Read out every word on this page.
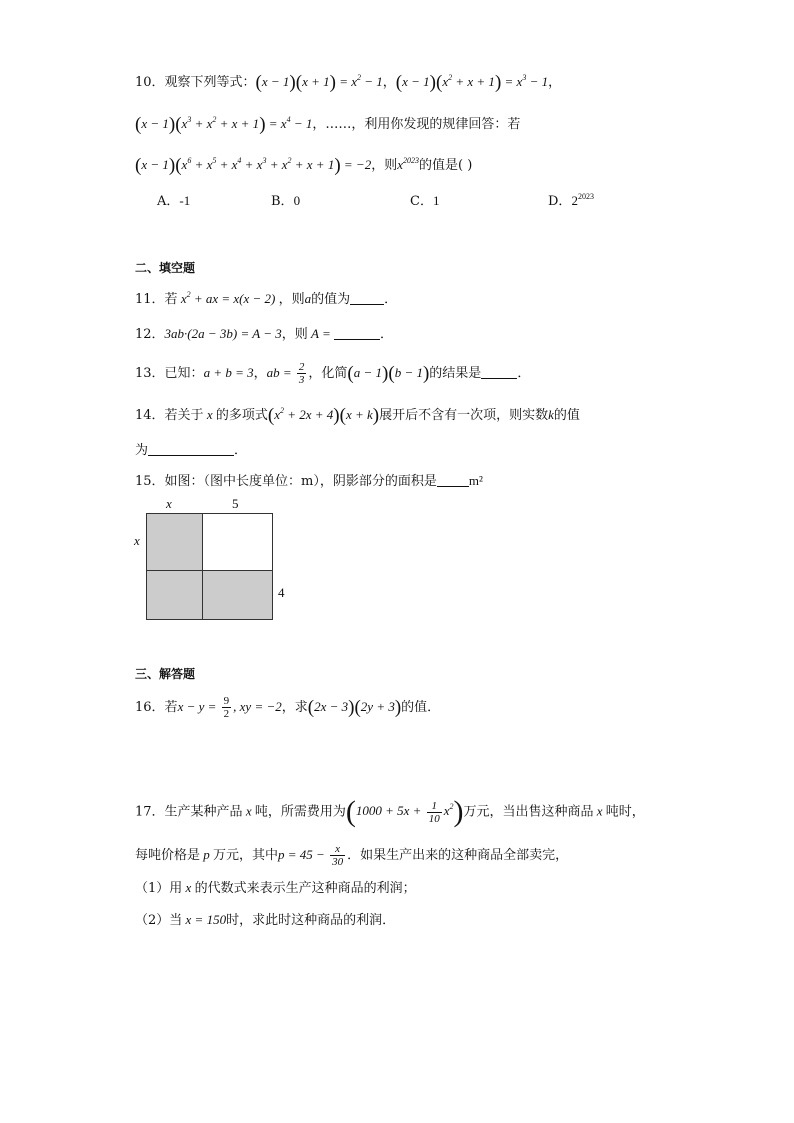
10．观察下列等式：$(x - 1)(x + 1) = x^2 - 1$，$(x - 1)(x^2 + x + 1) = x^3 - 1$，
$(x - 1)(x^3 + x^2 + x + 1) = x^4 - 1$，……，利用你发现的规律回答：若
$(x - 1)(x^6 + x^5 + x^4 + x^3 + x^2 + x + 1) = -2$，则$x^{2023}$的值是( )
A．-1	B．0	C．1	D．$2^{2023}$
二、填空题
11．若 $x^2$ + ax = x(x − 2) ，则a的值为	．
12．3ab·(2a − 3b) = A − 3，则 A =	．
13．已知：a + b = 3，ab = $\frac{2}{3}$ ，化简(a − 1)(b − 1)的结果是	．
14．若关于 x 的多项式$(x^2 + 2x + 4)(x + k)$展开后不含有一次项，则实数k的值
为	．
15．如图：（图中长度单位：m），阴影部分的面积是 m²
x	5
x
4
三、解答题
16．若$x - y = \frac{9}{2}$ , xy = −2，求(2x − 3)(2y + 3)的值．
17．生产某种产品 x 吨，所需费用为$(1000 + 5x + \frac{1}{10} x^2)$万元，当出售这种商品 x 吨时，
每吨价格是 p 万元，其中$p = 45 - \frac{x}{30}$ ．如果生产出来的这种商品全部卖完，
（1）用 x 的代数式来表示生产这种商品的利润；
（2）当 x = 150时，求此时这种商品的利润．
